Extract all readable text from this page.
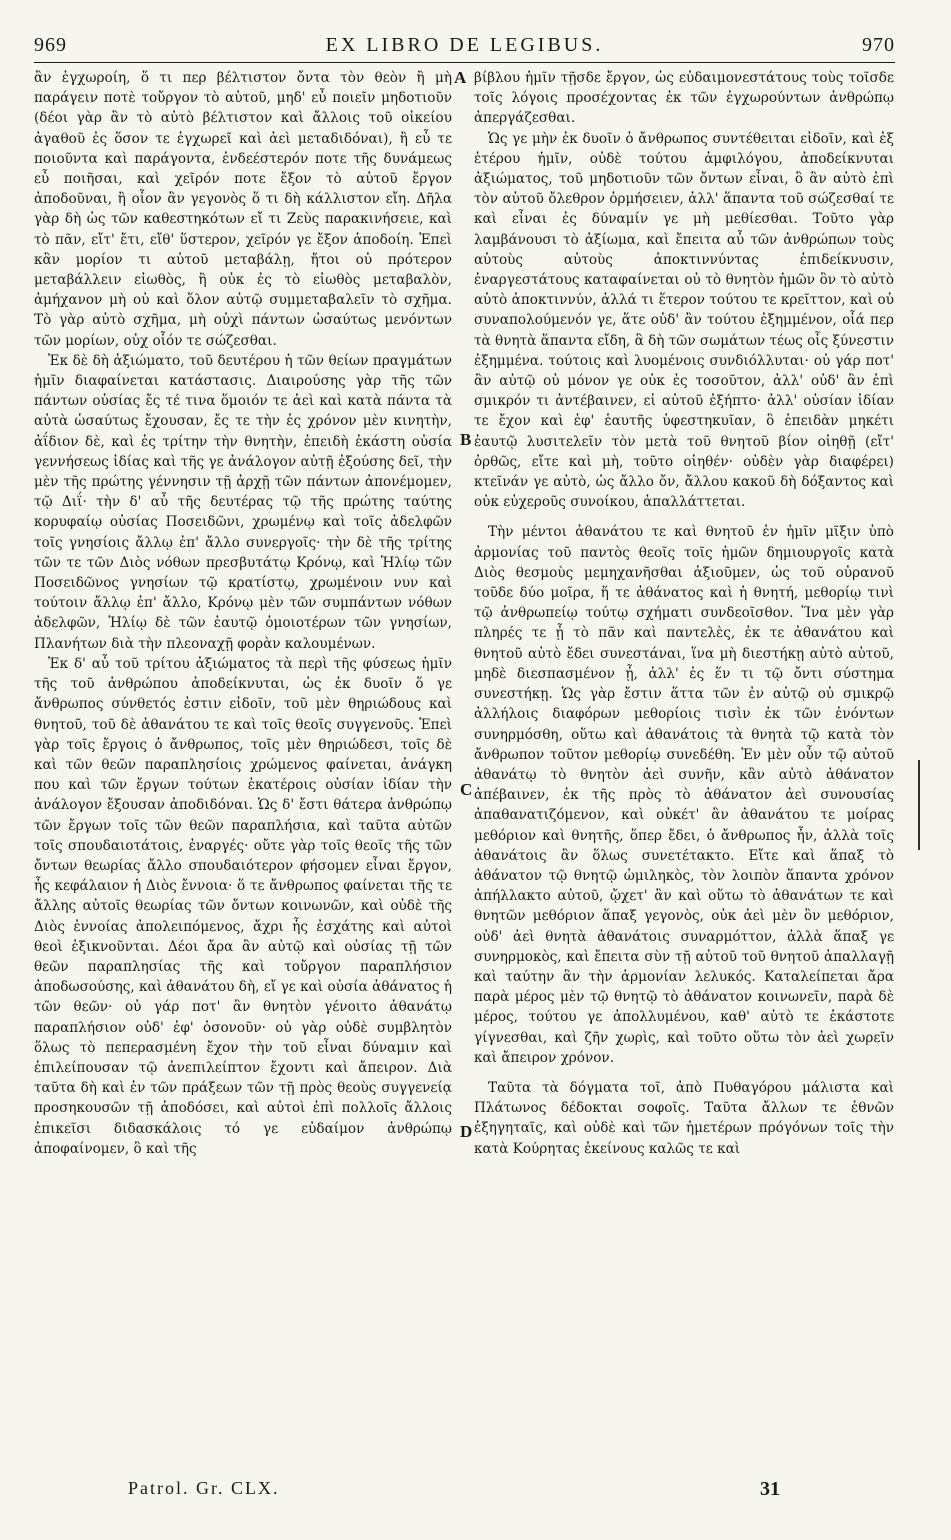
969	EX LIBRO DE LEGIBUS.	970

ἂν ἐγχωροίη, ὅ τι περ βέλτιστον ὄντα τὸν θεὸν ἢ μὴ παράγειν ποτὲ τοὔργον τὸ αὑτοῦ, μηδ' εὖ ποιεῖν μηδοτιοῦν (δέοι γὰρ ἂν τὸ αὐτὸ βέλτιστον καὶ ἄλλοις τοῦ οἰκείου ἀγαθοῦ ἐς ὅσον τε ἐγχωρεῖ καὶ ἀεὶ μεταδιδόναι), ἢ εὖ τε ποιοῦντα καὶ παράγοντα, ἐνδεέστερόν ποτε τῆς δυνάμεως εὖ ποιῆσαι, καὶ χεῖρόν ποτε ἔξον τὸ αὑτοῦ ἔργον ἀποδοῦναι, ἢ οἷον ἂν γεγονὸς ὅ τι δὴ κάλλιστον εἴη. Δῆλα γὰρ δὴ ὡς τῶν καθεστηκότων εἴ τι Ζεὺς παρακινήσειε, καὶ τὸ πᾶν, εἴτ' ἔτι, εἴθ' ὕστερον, χεῖρόν γε ἔξον ἀποδοίη. Ἐπεὶ κἂν μορίον τι αὐτοῦ μεταβάλῃ, ἤτοι οὐ πρότερον μεταβάλλειν εἰωθὸς, ἢ οὐκ ἐς τὸ εἰωθὸς μεταβαλὸν, ἀμήχανον μὴ οὐ καὶ ὅλον αὐτῷ συμμεταβαλεῖν τὸ σχῆμα. Τὸ γὰρ αὐτὸ σχῆμα, μὴ οὐχὶ πάντων ὡσαύτως μενόντων τῶν μορίων, οὐχ οἷόν τε σώζεσθαι.

Ἐκ δὲ δὴ ἀξιώματο, τοῦ δευτέρου ἡ τῶν θείων πραγμάτων ἡμῖν διαφαίνεται κατάστασις. Διαιρούσης γὰρ τῆς τῶν πάντων οὐσίας ἔς τέ τινα ὅμοιόν τε ἀεὶ καὶ κατὰ πάντα τὰ αὐτὰ ὡσαύτως ἔχουσαν, ἔς τε τὴν ἐς χρόνον μὲν κινητὴν, ἀΐδιον δὲ, καὶ ἐς τρίτην τὴν θνητὴν, ἐπειδὴ ἑκάστη οὐσία γεννήσεως ἰδίας καὶ τῆς γε ἀνάλογον αὐτῇ ἐξούσης δεῖ, τὴν μὲν τῆς πρώτης γέννησιν τῇ ἀρχῇ τῶν πάντων ἀπονέμομεν, τῷ Διΐ· τὴν δ' αὖ τῆς δευτέρας τῷ τῆς πρώτης ταύτης κορυφαίῳ οὐσίας Ποσειδῶνι, χρωμένῳ καὶ τοῖς ἀδελφῶν τοῖς γνησίοις ἄλλῳ ἐπ' ἄλλο συνεργοῖς· τὴν δὲ τῆς τρίτης τῶν τε τῶν Διὸς νόθων πρεσβυτάτῳ Κρόνῳ, καὶ Ἡλίῳ τῶν Ποσειδῶνος γνησίων τῷ κρατίστῳ, χρωμένοιν νυν καὶ τούτοιν ἄλλῳ ἐπ' ἄλλο, Κρόνῳ μὲν τῶν συμπάντων νόθων ἀδελφῶν, Ἡλίῳ δὲ τῶν ἑαυτῷ ὁμοιοτέρων τῶν γνησίων, Πλανήτων διὰ τὴν πλεοναχῇ φορὰν καλουμένων.

Ἐκ δ' αὖ τοῦ τρίτου ἀξιώματος τὰ περὶ τῆς φύσεως ἡμῖν τῆς τοῦ ἀνθρώπου ἀποδείκνυται, ὡς ἐκ δυοῖν ὅ γε ἄνθρωπος σύνθετός ἐστιν εἰδοῖν, τοῦ μὲν θηριώδους καὶ θνητοῦ, τοῦ δὲ ἀθανάτου τε καὶ τοῖς θεοῖς συγγενοῦς. Ἐπεὶ γὰρ τοῖς ἔργοις ὁ ἄνθρωπος, τοῖς μὲν θηριώδεσι, τοῖς δὲ καὶ τῶν θεῶν παραπλησίοις χρώμενος φαίνεται, ἀνάγκη που καὶ τῶν ἔργων τούτων ἑκατέροις οὐσίαν ἰδίαν τὴν ἀνάλογον ἔξουσαν ἀποδιδόναι. Ὡς δ' ἔστι θάτερα ἀνθρώπῳ τῶν ἔργων τοῖς τῶν θεῶν παραπλήσια, καὶ ταῦτα αὐτῶν τοῖς σπουδαιοτάτοις, ἐναργές· οὔτε γὰρ τοῖς θεοῖς τῆς τῶν ὄντων θεωρίας ἄλλο σπουδαιότερον φήσομεν εἶναι ἔργον, ἧς κεφάλαιον ἡ Διὸς ἔννοια· ὅ τε ἄνθρωπος φαίνεται τῆς τε ἄλλης αὐτοῖς θεωρίας τῶν ὄντων κοινωνῶν, καὶ οὐδὲ τῆς Διὸς ἐννοίας ἀπολειπόμενος, ἄχρι ἧς ἐσχάτης καὶ αὐτοὶ θεοὶ ἐξικνοῦνται. Δέοι ἄρα ἂν αὐτῷ καὶ οὐσίας τῇ τῶν θεῶν παραπλησίας τῆς καὶ τοὔργον παραπλήσιον ἀποδωσούσης, καὶ ἀθανάτου δὴ, εἴ γε καὶ οὐσία ἀθάνατος ἡ τῶν θεῶν· οὐ γάρ ποτ' ἂν θνητὸν γένοιτο ἀθανάτῳ παραπλήσιον οὐδ' ἐφ' ὁσονοῦν· οὐ γὰρ οὐδὲ συμβλητὸν ὅλως τὸ πεπερασμένη ἔχον τὴν τοῦ εἶναι δύναμιν καὶ ἐπιλείπουσαν τῷ ἀνεπιλείπτον ἔχοντι καὶ ἄπειρον. Διὰ ταῦτα δὴ καὶ ἐν τῶν πράξεων τῶν τῇ πρὸς θεοὺς συγγενείᾳ προσηκουσῶν τῇ ἀποδόσει, καὶ αὐτοὶ ἐπὶ πολλοῖς ἄλλοις ἐπικεῖσι διδασκάλοις τό γε εὐδαίμον ἀνθρώπῳ ἀποφαίνομεν, ὃ καὶ τῆς

βίβλου ἡμῖν τῇσδε ἔργον, ὡς εὐδαιμονεστάτους τοὺς τοῖσδε τοῖς λόγοις προσέχοντας ἐκ τῶν ἐγχωρούντων ἀνθρώπῳ ἀπεργάζεσθαι.

Ὡς γε μὴν ἐκ δυοῖν ὁ ἄνθρωπος συντέθειται εἰδοῖν, καὶ ἐξ ἑτέρου ἡμῖν, οὐδὲ τούτου ἀμφιλόγου, ἀποδείκνυται ἀξιώματος, τοῦ μηδοτιοῦν τῶν ὄντων εἶναι, ὃ ἂν αὐτὸ ἐπὶ τὸν αὑτοῦ ὄλεθρον ὁρμήσειεν, ἀλλ' ἅπαντα τοῦ σώζεσθαί τε καὶ εἶναι ἐς δύναμίν γε μὴ μεθίεσθαι. Τοῦτο γὰρ λαμβάνουσι τὸ ἀξίωμα, καὶ ἔπειτα αὖ τῶν ἀνθρώπων τοὺς αὑτοὺς αὐτοὺς ἀποκτιννύντας ἐπιδείκνυσιν, ἐναργεστάτους καταφαίνεται οὐ τὸ θνητὸν ἡμῶν ὂν τὸ αὐτὸ αὑτὸ ἀποκτιννύν, ἀλλά τι ἕτερον τούτου τε κρεῖττον, καὶ οὐ συναπολούμενόν γε, ἅτε οὐδ' ἂν τούτου ἐξημμένον, οἷά περ τὰ θνητὰ ἅπαντα εἴδη, ἃ δὴ τῶν σωμάτων τέως οἷς ξύνεστιν ἐξημμένα. τούτοις καὶ λυομένοις συνδιόλλυται· οὐ γάρ ποτ' ἂν αὐτῷ οὐ μόνον γε οὐκ ἐς τοσοῦτον, ἀλλ' οὐδ' ἂν ἐπὶ σμικρόν τι ἀντέβαινεν, εἰ αὐτοῦ ἐξήπτο· ἀλλ' οὐσίαν ἰδίαν τε ἔχον καὶ ἐφ' ἑαυτῆς ὑφεστηκυῖαν, ὃ ἐπειδὰν μηκέτι ἑαυτῷ λυσιτελεῖν τὸν μετὰ τοῦ θνητοῦ βίον οἰηθῇ (εἴτ' ὀρθῶς, εἴτε καὶ μὴ, τοῦτο οἰηθέν· οὐδὲν γὰρ διαφέρει) κτεῖνάν γε αὐτὸ, ὡς ἄλλο ὄν, ἄλλου κακοῦ δὴ δόξαντος καὶ οὐκ εὐχεροῦς συνοίκου, ἀπαλλάττεται.

Τὴν μέντοι ἀθανάτου τε καὶ θνητοῦ ἐν ἡμῖν μῖξιν ὑπὸ ἁρμονίας τοῦ παντὸς θεοῖς τοῖς ἡμῶν δημιουργοῖς κατὰ Διὸς θεσμοὺς μεμηχανῆσθαι ἀξιοῦμεν, ὡς τοῦ οὐρανοῦ τοῦδε δύο μοῖρα, ἥ τε ἀθάνατος καὶ ἡ θνητή, μεθορίῳ τινὶ τῷ ἀνθρωπείῳ τούτῳ σχήματι συνδεοῖσθον. Ἵνα μὲν γὰρ πληρές τε ᾖ τὸ πᾶν καὶ παντελὲς, ἐκ τε ἀθανάτου καὶ θνητοῦ αὐτὸ ἔδει συνεστάναι, ἵνα μὴ διεστήκῃ αὐτὸ αὑτοῦ, μηδὲ διεσπασμένον ᾖ, ἀλλ' ἐς ἕν τι τῷ ὄντι σύστημα συνεστήκῃ. Ὡς γὰρ ἔστιν ἅττα τῶν ἐν αὐτῷ οὐ σμικρῷ ἀλλήλοις διαφόρων μεθορίοις τισὶν ἐκ τῶν ἐνόντων συνηρμόσθη, οὕτω καὶ ἀθανάτοις τὰ θνητὰ τῷ κατὰ τὸν ἄνθρωπον τοῦτον μεθορίῳ συνεδέθη. Ἐν μὲν οὖν τῷ αὐτοῦ ἀθανάτῳ τὸ θνητὸν ἀεὶ συνῆν, κἂν αὐτὸ ἀθάνατον ἀπέβαινεν, ἐκ τῆς πρὸς τὸ ἀθάνατον ἀεὶ συνουσίας ἀπαθανατιζόμενον, καὶ οὐκέτ' ἂν ἀθανάτου τε μοίρας μεθόριον καὶ θνητῆς, ὅπερ ἔδει, ὁ ἄνθρωπος ἦν, ἀλλὰ τοῖς ἀθανάτοις ἂν ὅλως συνετέτακτο. Εἴτε καὶ ἅπαξ τὸ ἀθάνατον τῷ θνητῷ ὡμιληκὸς, τὸν λοιπὸν ἅπαντα χρόνον ἀπήλλακτο αὐτοῦ, ᾤχετ' ἂν καὶ οὕτω τὸ ἀθανάτων τε καὶ θνητῶν μεθόριον ἅπαξ γεγονὸς, οὐκ ἀεὶ μὲν ὂν μεθόριον, οὐδ' ἀεὶ θνητὰ ἀθανάτοις συναρμόττον, ἀλλὰ ἅπαξ γε συνηρμοκὸς, καὶ ἔπειτα σὺν τῇ αὐτοῦ τοῦ θνητοῦ ἀπαλλαγῇ καὶ ταύτην ἂν τὴν ἁρμονίαν λελυκός. Καταλείπεται ἄρα παρὰ μέρος μὲν τῷ θνητῷ τὸ ἀθάνατον κοινωνεῖν, παρὰ δὲ μέρος, τούτου γε ἀπολλυμένου, καθ' αὑτὸ τε ἑκάστοτε γίγνεσθαι, καὶ ζῆν χωρὶς, καὶ τοῦτο οὕτω τὸν ἀεὶ χωρεῖν καὶ ἄπειρον χρόνον.

Ταῦτα τὰ δόγματα τοῖ, ἀπὸ Πυθαγόρου μάλιστα καὶ Πλάτωνος δέδοκται σοφοῖς. Ταῦτα ἄλλων τε ἐθνῶν ἐξηγηταῖς, καὶ οὐδὲ καὶ τῶν ἡμετέρων πρόγόνων τοῖς τὴν κατὰ Κούρητας ἐκείνους καλῶς τε καὶ

A
B
C
D
Patrol. Gr. CLX.	31
